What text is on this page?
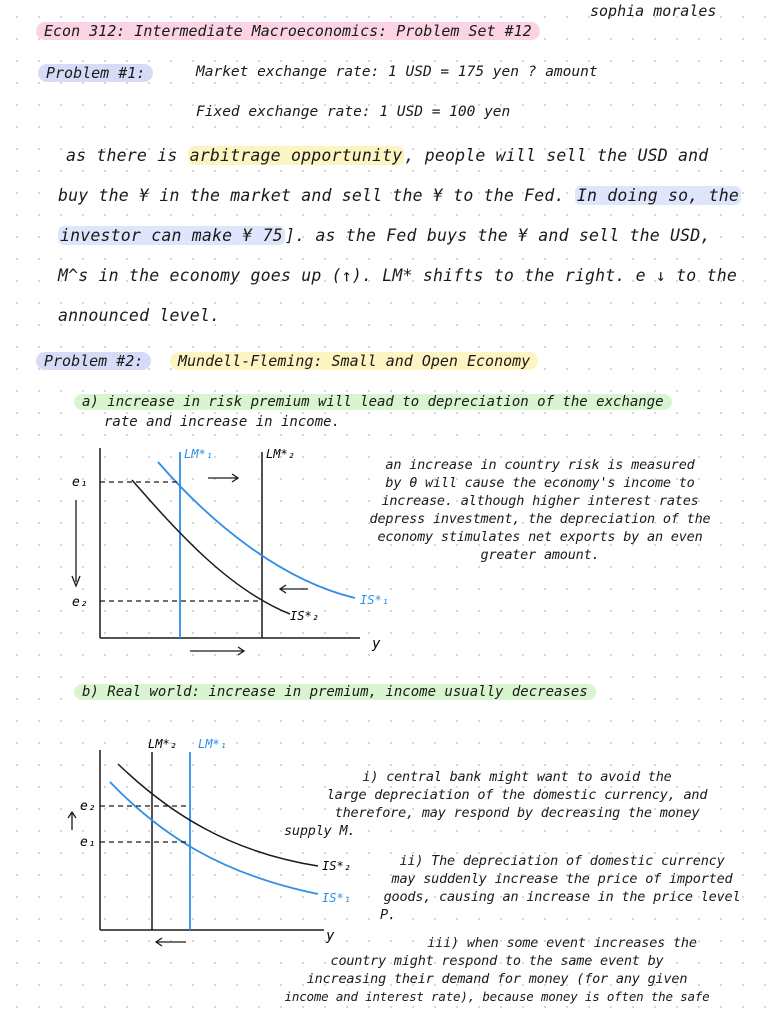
sophia morales
Econ 312: Intermediate Macroeconomics: Problem Set #12
Problem #1:	Market exchange rate: 1 USD = 175 yen ? amount
Fixed exchange rate: 1 USD = 100 yen
as there is arbitrage opportunity , people will sell the USD and
buy the ¥ in the market and sell the ¥ to the Fed. In doing so, the
investor can make ¥ 75 ]. as the Fed buys the ¥ and sell the USD,
M^s in the economy goes up (↑). LM* shifts to the right. e ↓ to the
announced level.
Problem #2:	Mundell-Fleming: Small and Open Economy
a) increase in risk premium will lead to depreciation of the exchange
rate and increase in income.
e₁
e₂
LM*₁	LM*₂
IS*₁
IS*₂
y
an increase in country risk is measured
by θ will cause the economy's income to
increase. although higher interest rates
depress investment, the depreciation of the
economy stimulates net exports by an even
greater amount.
b) Real world: increase in premium, income usually decreases
e₂
e₁
LM*₂ LM*₁
IS*₂
IS*₁
y
i) central bank might want to avoid the
large depreciation of the domestic currency, and
therefore, may respond by decreasing the money
supply M.
ii) The depreciation of domestic currency
may suddenly increase the price of imported
goods, causing an increase in the price level
P.
iii) when some event increases the
country might respond to the same event by
increasing their demand for money (for any given
income and interest rate), because money is often the safe
